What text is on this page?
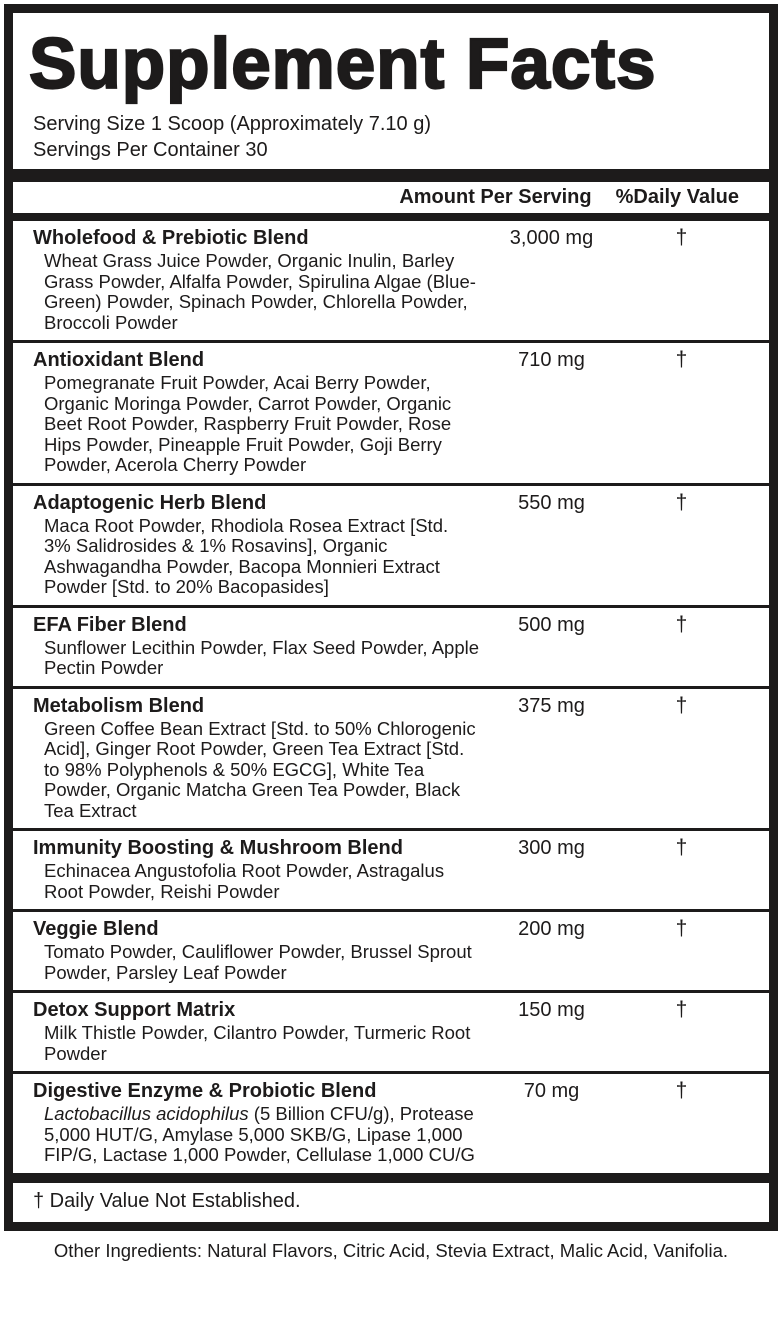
Supplement Facts
Serving Size 1 Scoop (Approximately 7.10 g)
Servings Per Container 30
Amount Per Serving %Daily Value
Wholefood & Prebiotic Blend	3,000 mg	†

Wheat Grass Juice Powder, Organic Inulin, Barley Grass Powder, Alfalfa Powder, Spirulina Algae (Blue-Green) Powder, Spinach Powder, Chlorella Powder, Broccoli Powder

Antioxidant Blend	710 mg	†

Pomegranate Fruit Powder, Acai Berry Powder, Organic Moringa Powder, Carrot Powder, Organic Beet Root Powder, Raspberry Fruit Powder, Rose Hips Powder, Pineapple Fruit Powder, Goji Berry Powder, Acerola Cherry Powder

Adaptogenic Herb Blend	550 mg	†

Maca Root Powder, Rhodiola Rosea Extract [Std. 3% Salidrosides & 1% Rosavins], Organic Ashwagandha Powder, Bacopa Monnieri Extract Powder [Std. to 20% Bacopasides]

EFA Fiber Blend	500 mg	†

Sunflower Lecithin Powder, Flax Seed Powder, Apple Pectin Powder

Metabolism Blend	375 mg	†

Green Coffee Bean Extract [Std. to 50% Chlorogenic Acid], Ginger Root Powder, Green Tea Extract [Std. to 98% Polyphenols & 50% EGCG], White Tea Powder, Organic Matcha Green Tea Powder, Black Tea Extract

Immunity Boosting & Mushroom Blend	300 mg	†

Echinacea Angustofolia Root Powder, Astragalus Root Powder, Reishi Powder

Veggie Blend	200 mg	†

Tomato Powder, Cauliflower Powder, Brussel Sprout Powder, Parsley Leaf Powder

Detox Support Matrix	150 mg	†

Milk Thistle Powder, Cilantro Powder, Turmeric Root Powder

Digestive Enzyme & Probiotic Blend	70 mg	†

Lactobacillus acidophilus (5 Billion CFU/g), Protease 5,000 HUT/G, Amylase 5,000 SKB/G, Lipase 1,000 FIP/G, Lactase 1,000 Powder, Cellulase 1,000 CU/G

† Daily Value Not Established.
Other Ingredients: Natural Flavors, Citric Acid, Stevia Extract, Malic Acid, Vanifolia.
